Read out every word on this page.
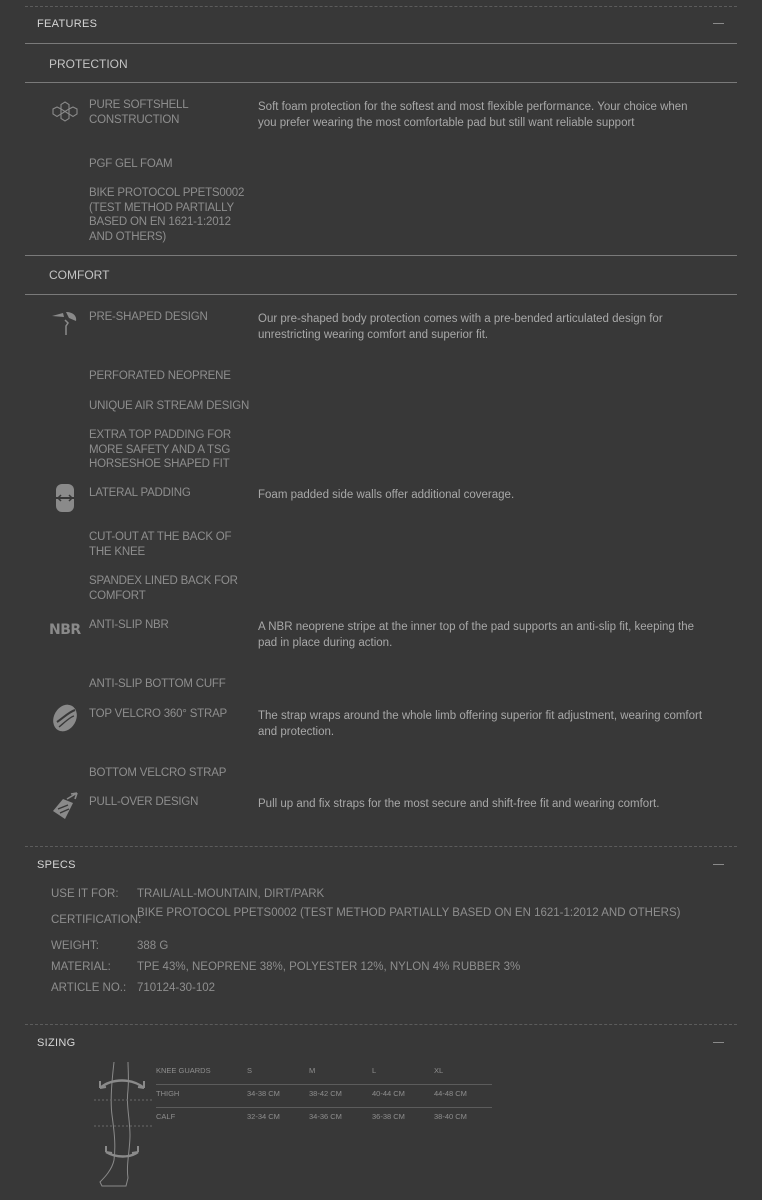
FEATURES
PROTECTION
PURE SOFTSHELL CONSTRUCTION
Soft foam protection for the softest and most flexible performance. Your choice when you prefer wearing the most comfortable pad but still want reliable support
PGF GEL FOAM
BIKE PROTOCOL PPETS0002 (TEST METHOD PARTIALLY BASED ON EN 1621-1:2012 AND OTHERS)
COMFORT
PRE-SHAPED DESIGN	Our pre-shaped body protection comes with a pre-bended articulated design for unrestricting wearing comfort and superior fit.
PERFORATED NEOPRENE
UNIQUE AIR STREAM DESIGN
EXTRA TOP PADDING FOR MORE SAFETY AND A TSG HORSESHOE SHAPED FIT
LATERAL PADDING	Foam padded side walls offer additional coverage.
CUT-OUT AT THE BACK OF THE KNEE
SPANDEX LINED BACK FOR COMFORT
NBR ANTI-SLIP NBR	A NBR neoprene stripe at the inner top of the pad supports an anti-slip fit, keeping the pad in place during action.
ANTI-SLIP BOTTOM CUFF
TOP VELCRO 360° STRAP	The strap wraps around the whole limb offering superior fit adjustment, wearing comfort and protection.
BOTTOM VELCRO STRAP
PULL-OVER DESIGN	Pull up and fix straps for the most secure and shift-free fit and wearing comfort.
SPECS
USE IT FOR: TRAIL/ALL-MOUNTAIN, DIRT/PARK
CERTIFICATION:
BIKE PROTOCOL PPETS0002 (TEST METHOD PARTIALLY BASED ON EN 1621-1:2012 AND OTHERS)
WEIGHT:	388 G
MATERIAL: TPE 43%, NEOPRENE 38%, POLYESTER 12%, NYLON 4% RUBBER 3%
ARTICLE NO.: 710124-30-102
SIZING
KNEE GUARDS	S	M	L	XL
THIGH	34-38 CM	38-42 CM	40-44 CM	44-48 CM
CALF	32-34 CM	34-36 CM	36-38 CM	38-40 CM
